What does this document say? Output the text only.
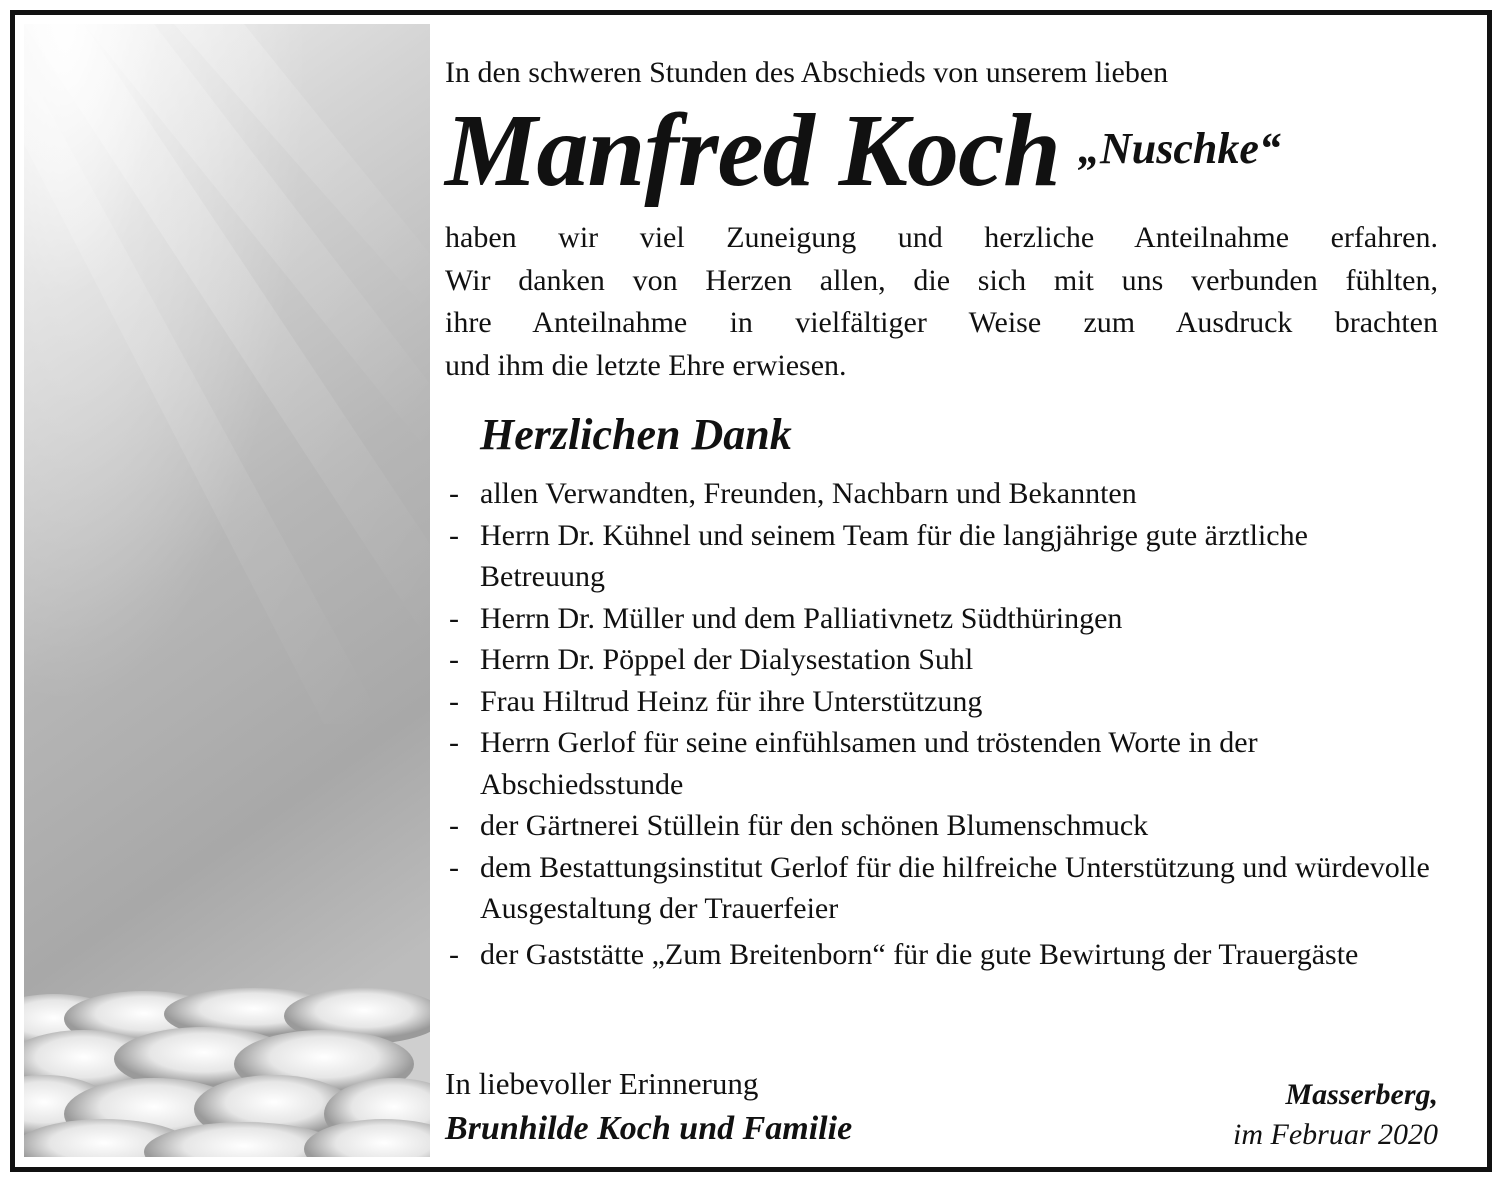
In den schweren Stunden des Abschieds von unserem lieben

Manfred Koch „Nuschke“

haben wir viel Zuneigung und herzliche Anteilnahme erfahren.
Wir danken von Herzen allen, die sich mit uns verbunden fühlten,
ihre Anteilnahme in vielfältiger Weise zum Ausdruck brachten
und ihm die letzte Ehre erwiesen.

Herzlichen Dank
- allen Verwandten, Freunden, Nachbarn und Bekannten
- Herrn Dr. Kühnel und seinem Team für die langjährige gute ärztliche Betreuung
- Herrn Dr. Müller und dem Palliativnetz Südthüringen
- Herrn Dr. Pöppel der Dialysestation Suhl
- Frau Hiltrud Heinz für ihre Unterstützung
- Herrn Gerlof für seine einfühlsamen und tröstenden Worte in der Abschiedsstunde
- der Gärtnerei Stüllein für den schönen Blumenschmuck
- dem Bestattungsinstitut Gerlof für die hilfreiche Unterstützung und würdevolle Ausgestaltung der Trauerfeier
- der Gaststätte „Zum Breitenborn“ für die gute Bewirtung der Trauergäste
In liebevoller Erinnerung
Brunhilde Koch und Familie
Masserberg,
im Februar 2020
